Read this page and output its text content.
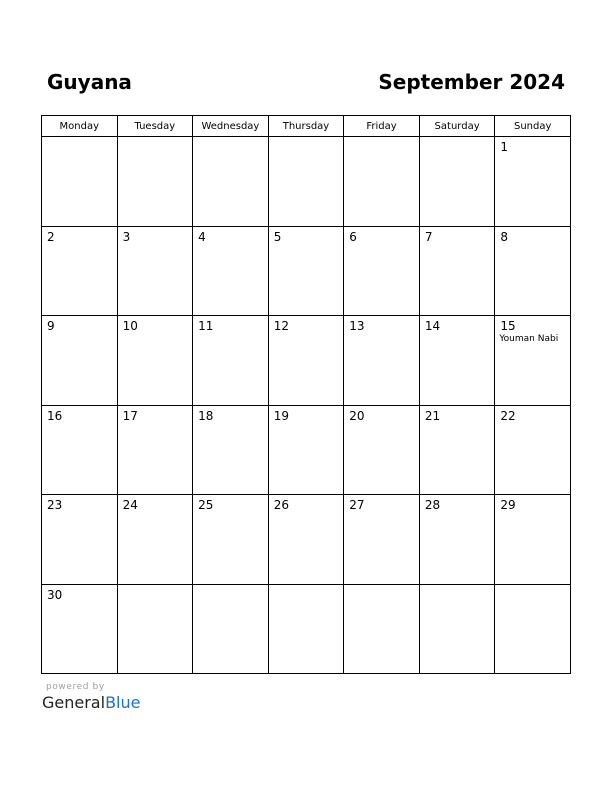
Guyana	September 2024
Monday	Tuesday	Wednesday	Thursday	Friday	Saturday	Sunday

						1

2	3	4	5	6	7	8

9	10	11	12	13	14	15
Youman Nabi

16	17	18	19	20	21	22

23	24	25	26	27	28	29

30						

powered by
GeneralBlue
